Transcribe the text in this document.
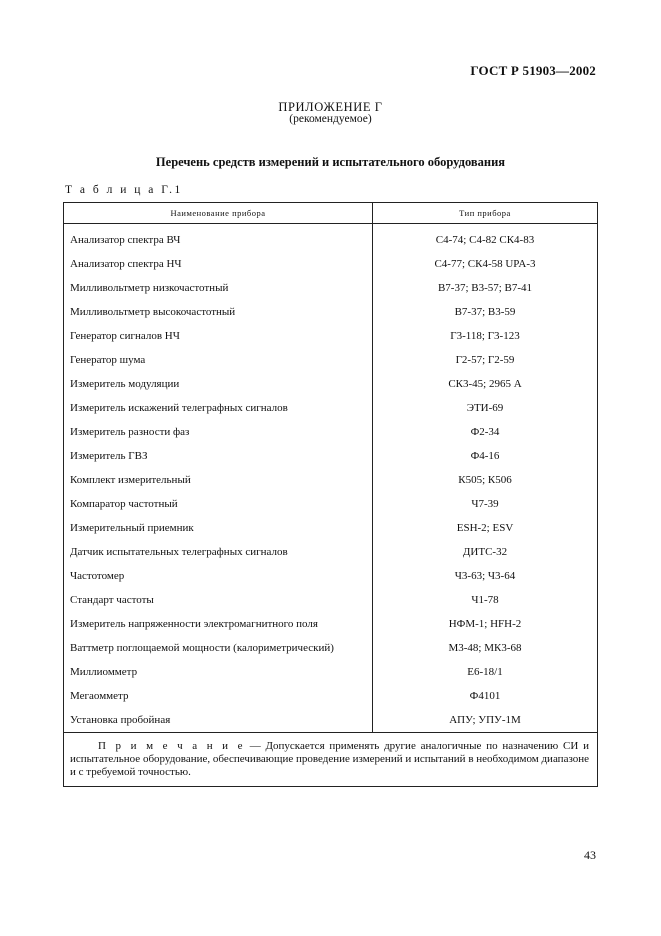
ГОСТ Р 51903—2002
ПРИЛОЖЕНИЕ Г
(рекомендуемое)
Перечень средств измерений и испытательного оборудования
Т а б л и ц а Г.1
Наименование прибора	Тип прибора
Анализатор спектра ВЧ	С4-74; С4-82 СК4-83
Анализатор спектра НЧ	С4-77; СК4-58 UPA-3
Милливольтметр низкочастотный	В7-37; В3-57; В7-41
Милливольтметр высокочастотный	В7-37; В3-59
Генератор сигналов НЧ	Г3-118; Г3-123
Генератор шума	Г2-57; Г2-59
Измеритель модуляции	СК3-45; 2965 А
Измеритель искажений телеграфных сигналов	ЭТИ-69
Измеритель разности фаз	Ф2-34
Измеритель ГВЗ	Ф4-16
Комплект измерительный	К505; К506
Компаратор частотный	Ч7-39
Измерительный приемник	ESH-2; ESV
Датчик испытательных телеграфных сигналов	ДИТС-32
Частотомер	Ч3-63; Ч3-64
Стандарт частоты	Ч1-78
Измеритель напряженности электромагнитного поля	НФМ-1; HFH-2
Ваттметр поглощаемой мощности (калориметрический)	М3-48; МК3-68
Миллиомметр	Е6-18/1
Мегаомметр	Ф4101
Установка пробойная	АПУ; УПУ-1М
П р и м е ч а н и е — Допускается применять другие аналогичные по назначению СИ и испытательное оборудование, обеспечивающие проведение измерений и испытаний в необходимом диапазоне и с требуемой точностью.
43
